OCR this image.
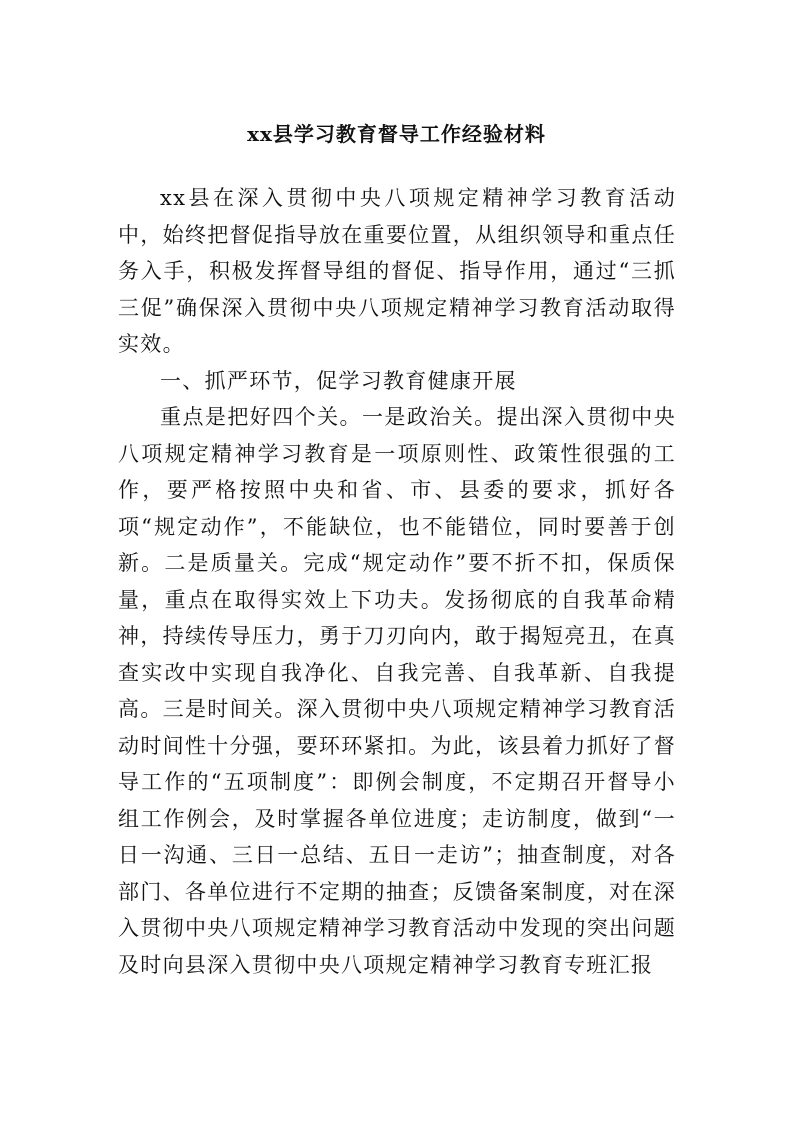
xx县学习教育督导工作经验材料

xx县在深入贯彻中央八项规定精神学习教育活动中，始终把督促指导放在重要位置，从组织领导和重点任务入手，积极发挥督导组的督促、指导作用，通过“三抓三促”确保深入贯彻中央八项规定精神学习教育活动取得实效。

一、抓严环节，促学习教育健康开展

重点是把好四个关。一是政治关。提出深入贯彻中央八项规定精神学习教育是一项原则性、政策性很强的工作，要严格按照中央和省、市、县委的要求，抓好各项“规定动作”，不能缺位，也不能错位，同时要善于创新。二是质量关。完成“规定动作”要不折不扣，保质保量，重点在取得实效上下功夫。发扬彻底的自我革命精神，持续传导压力，勇于刀刃向内，敢于揭短亮丑，在真查实改中实现自我净化、自我完善、自我革新、自我提高。三是时间关。深入贯彻中央八项规定精神学习教育活动时间性十分强，要环环紧扣。为此，该县着力抓好了督导工作的“五项制度”：即例会制度，不定期召开督导小组工作例会，及时掌握各单位进度；走访制度，做到“一日一沟通、三日一总结、五日一走访”；抽查制度，对各部门、各单位进行不定期的抽查；反馈备案制度，对在深入贯彻中央八项规定精神学习教育活动中发现的突出问题及时向县深入贯彻中央八项规定精神学习教育专班汇报
